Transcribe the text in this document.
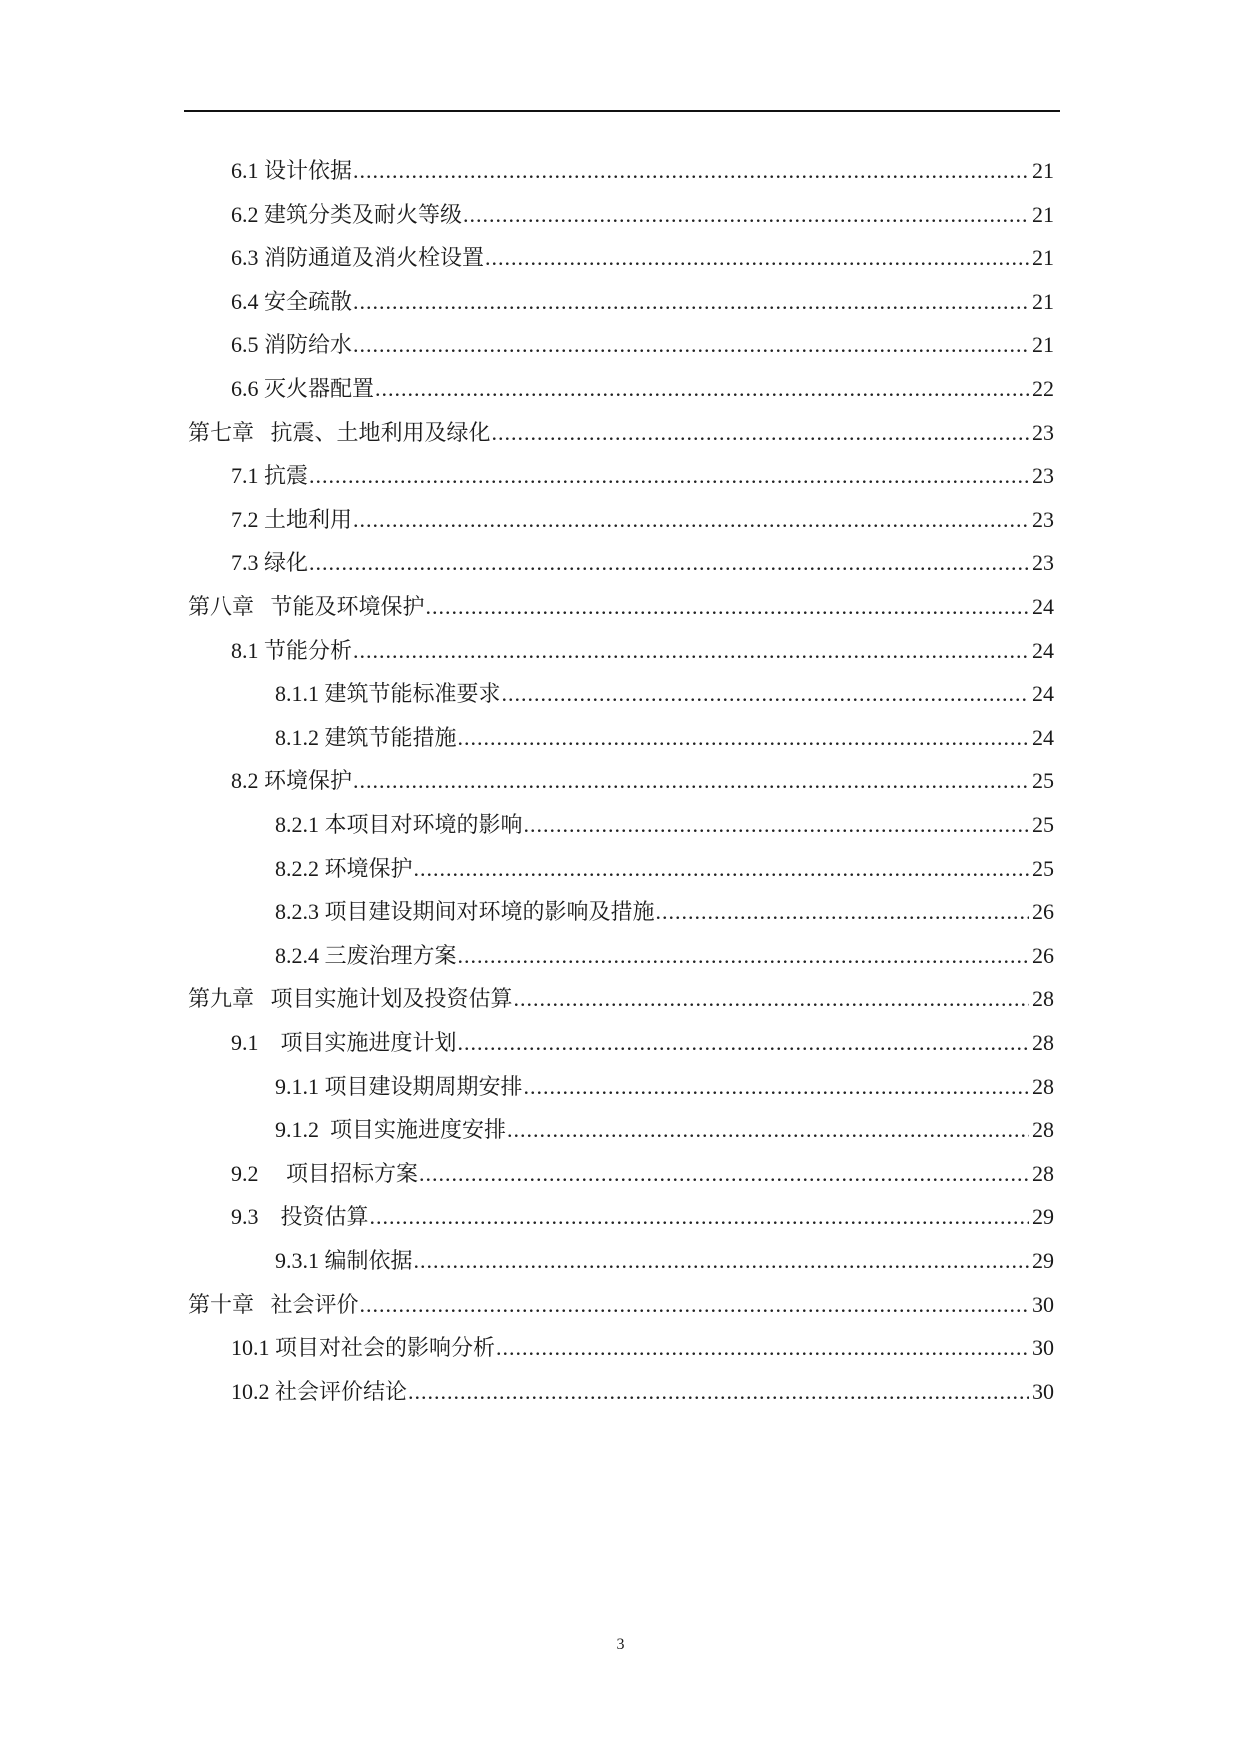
6.1 设计依据 .....	21
6.2 建筑分类及耐火等级 .....	21
6.3 消防通道及消火栓设置 .....	21
6.4 安全疏散 .....	21
6.5 消防给水 .....	21
6.6 灭火器配置 .....	22
第七章 抗震、土地利用及绿化 .....	23
7.1 抗震 .....	23
7.2 土地利用 .....	23
7.3 绿化 .....	23
第八章 节能及环境保护 .....	24
8.1 节能分析 .....	24
8.1.1 建筑节能标准要求 .....	24
8.1.2 建筑节能措施 .....	24
8.2 环境保护 .....	25
8.2.1 本项目对环境的影响 .....	25
8.2.2 环境保护 .....	25
8.2.3 项目建设期间对环境的影响及措施 .....	26
8.2.4 三废治理方案 .....	26
第九章 项目实施计划及投资估算 .....	28
9.1 项目实施进度计划 .....	28
9.1.1 项目建设期周期安排 .....	28
9.1.2 项目实施进度安排 .....	28
9.2 项目招标方案 .....	28
9.3 投资估算 .....	29
9.3.1 编制依据 .....	29
第十章 社会评价 .....	30
10.1 项目对社会的影响分析 .....	30
10.2 社会评价结论 .....	30
3
